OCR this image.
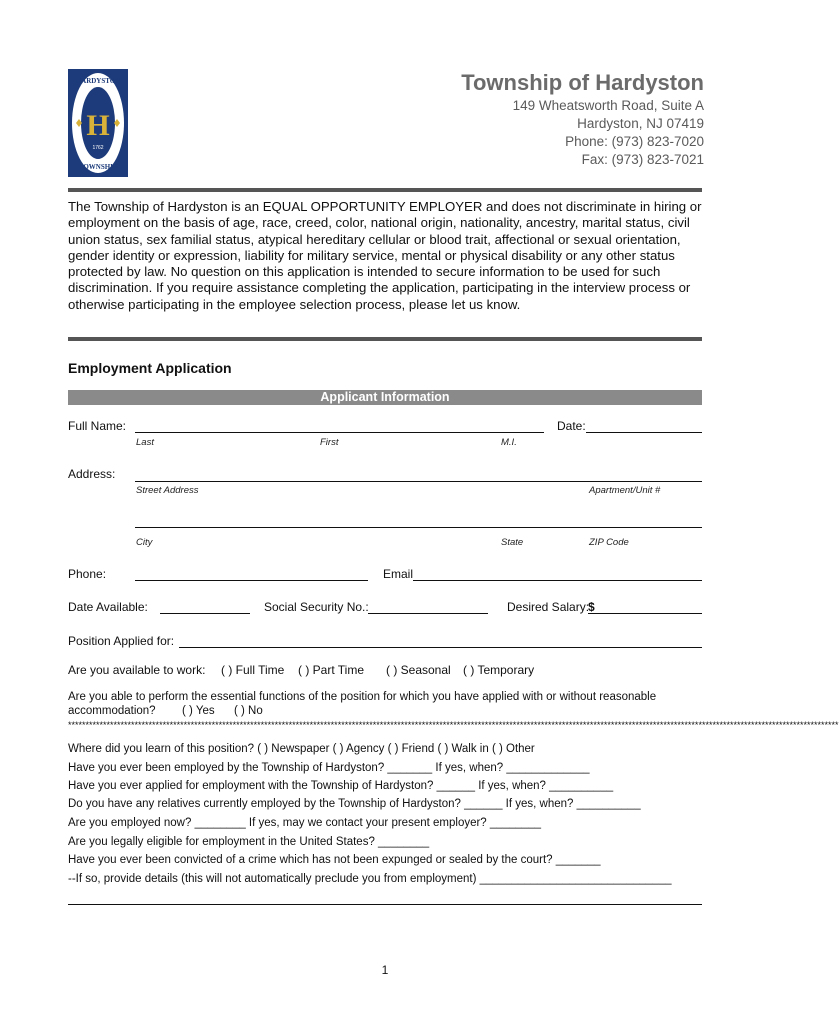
HARDYSTON
TOWNSHIP
H
1762
Township of Hardyston
149 Wheatsworth Road, Suite A
Hardyston, NJ 07419
Phone: (973) 823-7020
Fax: (973) 823-7021
The Township of Hardyston is an EQUAL OPPORTUNITY EMPLOYER and does not discriminate in hiring or employment on the basis of age, race, creed, color, national origin, nationality, ancestry, marital status, civil union status, sex familial status, atypical hereditary cellular or blood trait, affectional or sexual orientation, gender identity or expression, liability for military service, mental or physical disability or any other status protected by law. No question on this application is intended to secure information to be used for such discrimination. If you require assistance completing the application, participating in the interview process or otherwise participating in the employee selection process, please let us know.
Employment Application
Applicant Information
Full Name:	Date:
Last	First	M.I.
Address:
Street Address	Apartment/Unit #
City	State	ZIP Code
Phone:	Email
Date Available:	Social Security No.:	Desired Salary:
$
Position Applied for:
Are you available to work: ( ) Full Time ( ) Part Time ( ) Seasonal ( ) Temporary
Are you able to perform the essential functions of the position for which you have applied with or without reasonable
accommodation? ( ) Yes ( ) No
****************************************************************************************************************************************************************************************************************************
Where did you learn of this position? ( ) Newspaper ( ) Agency ( ) Friend ( ) Walk in ( ) Other
Have you ever been employed by the Township of Hardyston? _______ If yes, when? _____________
Have you ever applied for employment with the Township of Hardyston? ______ If yes, when? __________
Do you have any relatives currently employed by the Township of Hardyston? ______ If yes, when? __________
Are you employed now? ________ If yes, may we contact your present employer? ________
Are you legally eligible for employment in the United States? ________
Have you ever been convicted of a crime which has not been expunged or sealed by the court? _______
--If so, provide details (this will not automatically preclude you from employment) ______________________________
1
